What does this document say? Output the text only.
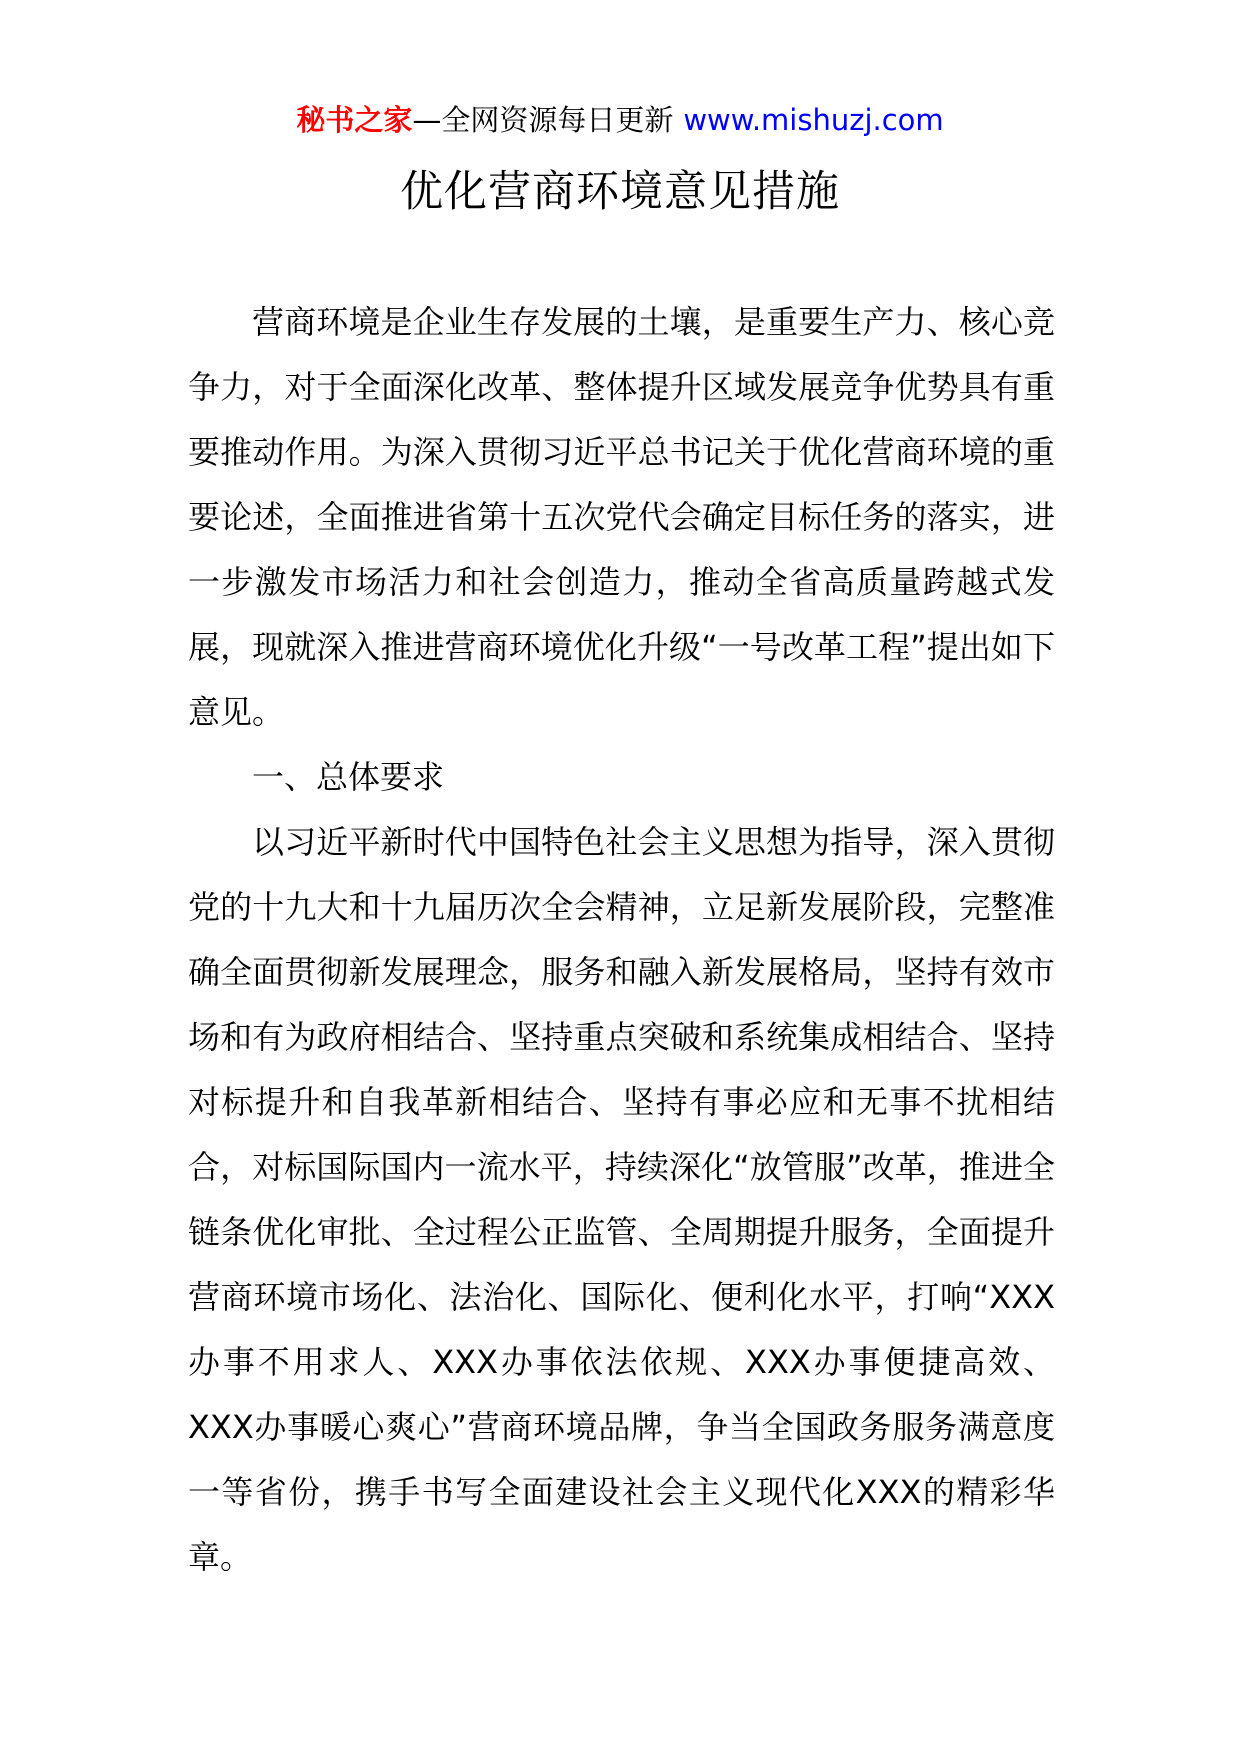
秘书之家—全网资源每日更新 www.mishuzj.com
优化营商环境意见措施

营商环境是企业生存发展的土壤，是重要生产力、核心竞争力，对于全面深化改革、整体提升区域发展竞争优势具有重要推动作用。为深入贯彻习近平总书记关于优化营商环境的重要论述，全面推进省第十五次党代会确定目标任务的落实，进一步激发市场活力和社会创造力，推动全省高质量跨越式发展，现就深入推进营商环境优化升级“一号改革工程”提出如下意见。

一、总体要求

以习近平新时代中国特色社会主义思想为指导，深入贯彻党的十九大和十九届历次全会精神，立足新发展阶段，完整准确全面贯彻新发展理念，服务和融入新发展格局，坚持有效市场和有为政府相结合、坚持重点突破和系统集成相结合、坚持对标提升和自我革新相结合、坚持有事必应和无事不扰相结合，对标国际国内一流水平，持续深化“放管服”改革，推进全链条优化审批、全过程公正监管、全周期提升服务，全面提升营商环境市场化、法治化、国际化、便利化水平，打响“XXX办事不用求人、XXX办事依法依规、XXX办事便捷高效、XXX办事暖心爽心”营商环境品牌，争当全国政务服务满意度一等省份，携手书写全面建设社会主义现代化XXX的精彩华章。
